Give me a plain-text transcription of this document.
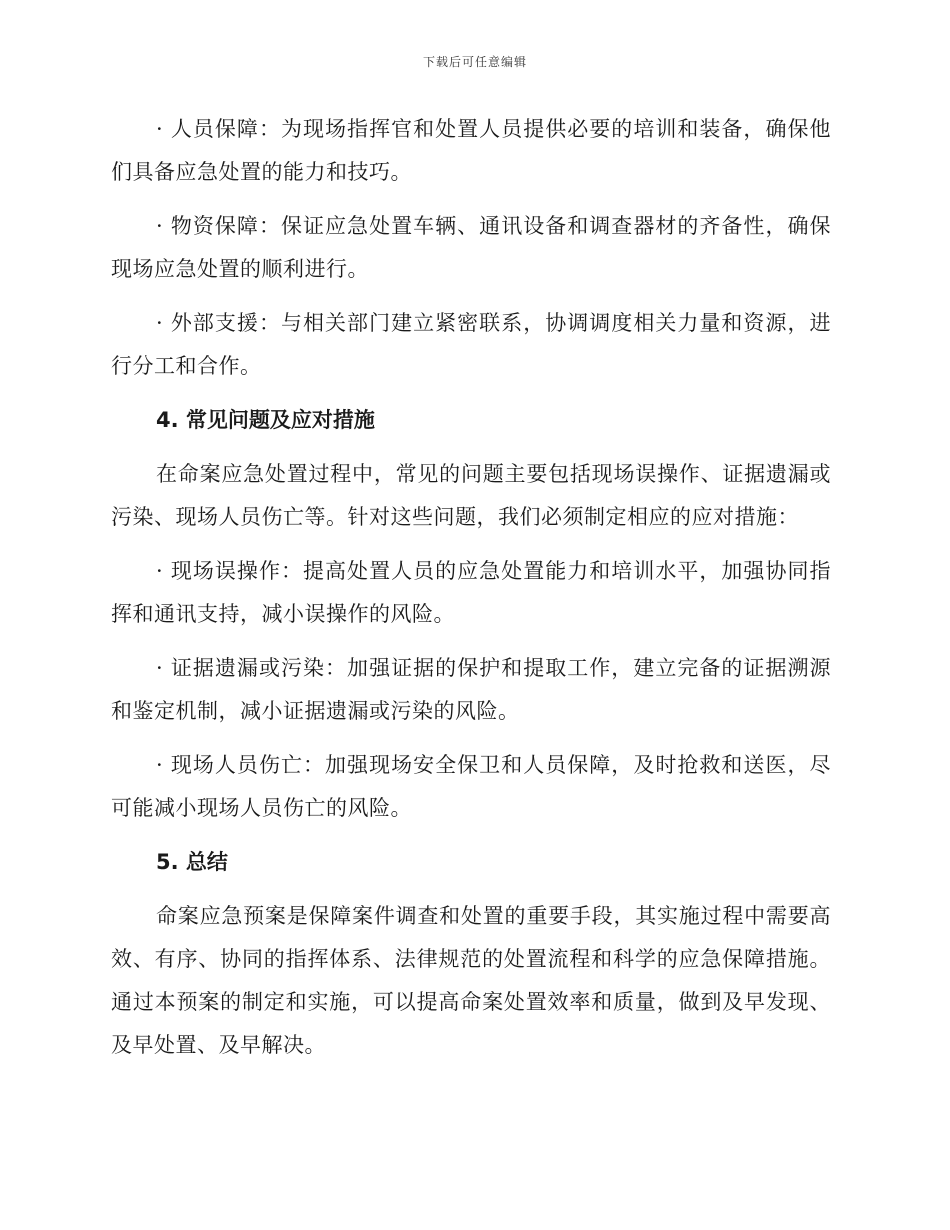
下载后可任意编辑

· 人员保障：为现场指挥官和处置人员提供必要的培训和装备，确保他们具备应急处置的能力和技巧。

· 物资保障：保证应急处置车辆、通讯设备和调查器材的齐备性，确保现场应急处置的顺利进行。

· 外部支援：与相关部门建立紧密联系，协调调度相关力量和资源，进行分工和合作。

4. 常见问题及应对措施

在命案应急处置过程中，常见的问题主要包括现场误操作、证据遗漏或污染、现场人员伤亡等。针对这些问题，我们必须制定相应的应对措施：

· 现场误操作：提高处置人员的应急处置能力和培训水平，加强协同指挥和通讯支持，减小误操作的风险。

· 证据遗漏或污染：加强证据的保护和提取工作，建立完备的证据溯源和鉴定机制，减小证据遗漏或污染的风险。

· 现场人员伤亡：加强现场安全保卫和人员保障，及时抢救和送医，尽可能减小现场人员伤亡的风险。

5. 总结

命案应急预案是保障案件调查和处置的重要手段，其实施过程中需要高效、有序、协同的指挥体系、法律规范的处置流程和科学的应急保障措施。通过本预案的制定和实施，可以提高命案处置效率和质量，做到及早发现、及早处置、及早解决。
